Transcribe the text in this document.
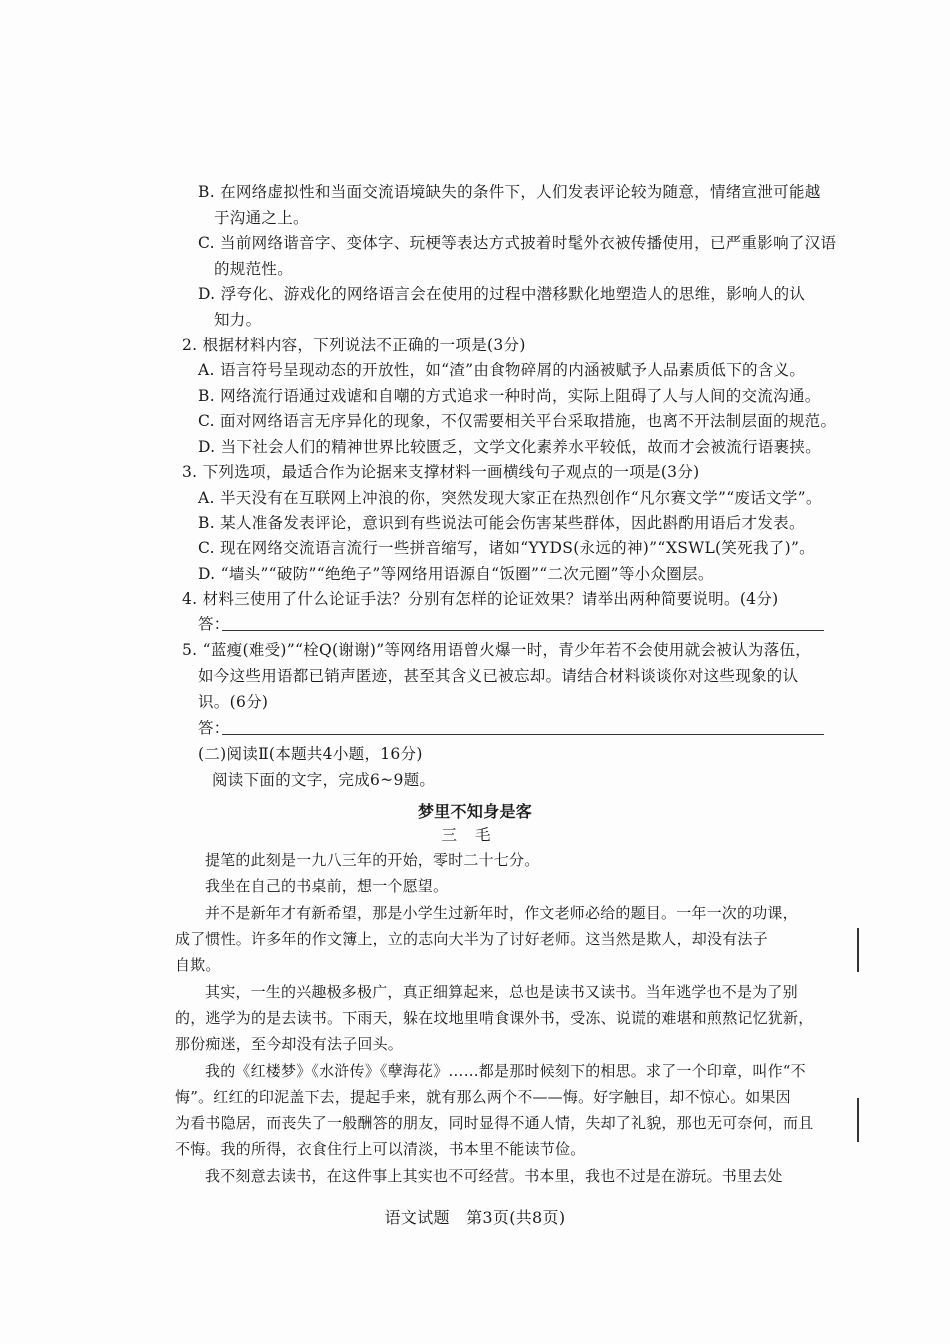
B. 在网络虚拟性和当面交流语境缺失的条件下，人们发表评论较为随意，情绪宣泄可能越
于沟通之上。
C. 当前网络谐音字、变体字、玩梗等表达方式披着时髦外衣被传播使用，已严重影响了汉语
的规范性。
D. 浮夸化、游戏化的网络语言会在使用的过程中潜移默化地塑造人的思维，影响人的认
知力。
2. 根据材料内容，下列说法不正确的一项是(3分)
A. 语言符号呈现动态的开放性，如“渣”由食物碎屑的内涵被赋予人品素质低下的含义。
B. 网络流行语通过戏谑和自嘲的方式追求一种时尚，实际上阻碍了人与人间的交流沟通。
C. 面对网络语言无序异化的现象，不仅需要相关平台采取措施，也离不开法制层面的规范。
D. 当下社会人们的精神世界比较匮乏，文学文化素养水平较低，故而才会被流行语裹挟。
3. 下列选项，最适合作为论据来支撑材料一画横线句子观点的一项是(3分)
A. 半天没有在互联网上冲浪的你，突然发现大家正在热烈创作“凡尔赛文学”“废话文学”。
B. 某人准备发表评论，意识到有些说法可能会伤害某些群体，因此斟酌用语后才发表。
C. 现在网络交流语言流行一些拼音缩写，诸如“YYDS(永远的神)”“XSWL(笑死我了)”。
D. “墙头”“破防”“绝绝子”等网络用语源自“饭圈”“二次元圈”等小众圈层。
4. 材料三使用了什么论证手法？分别有怎样的论证效果？请举出两种简要说明。(4分)
答：
5. “蓝瘦(难受)”“栓Q(谢谢)”等网络用语曾火爆一时，青少年若不会使用就会被认为落伍，
如今这些用语都已销声匿迹，甚至其含义已被忘却。请结合材料谈谈你对这些现象的认
识。(6分)
答：
(二)阅读Ⅱ(本题共4小题，16分)
阅读下面的文字，完成6~9题。
梦里不知身是客
三毛
提笔的此刻是一九八三年的开始，零时二十七分。
我坐在自己的书桌前，想一个愿望。
并不是新年才有新希望，那是小学生过新年时，作文老师必给的题目。一年一次的功课，
成了惯性。许多年的作文簿上，立的志向大半为了讨好老师。这当然是欺人，却没有法子
自欺。
其实，一生的兴趣极多极广，真正细算起来，总也是读书又读书。当年逃学也不是为了别
的，逃学为的是去读书。下雨天，躲在坟地里啃食课外书，受冻、说谎的难堪和煎熬记忆犹新，
那份痴迷，至今却没有法子回头。
我的《红楼梦》《水浒传》《孽海花》……都是那时候刻下的相思。求了一个印章，叫作“不
悔”。红红的印泥盖下去，提起手来，就有那么两个不——悔。好字触目，却不惊心。如果因
为看书隐居，而丧失了一般酬答的朋友，同时显得不通人情，失却了礼貌，那也无可奈何，而且
不悔。我的所得，衣食住行上可以清淡，书本里不能读节俭。
我不刻意去读书，在这件事上其实也不可经营。书本里，我也不过是在游玩。书里去处
语文试题　第3页(共8页)
